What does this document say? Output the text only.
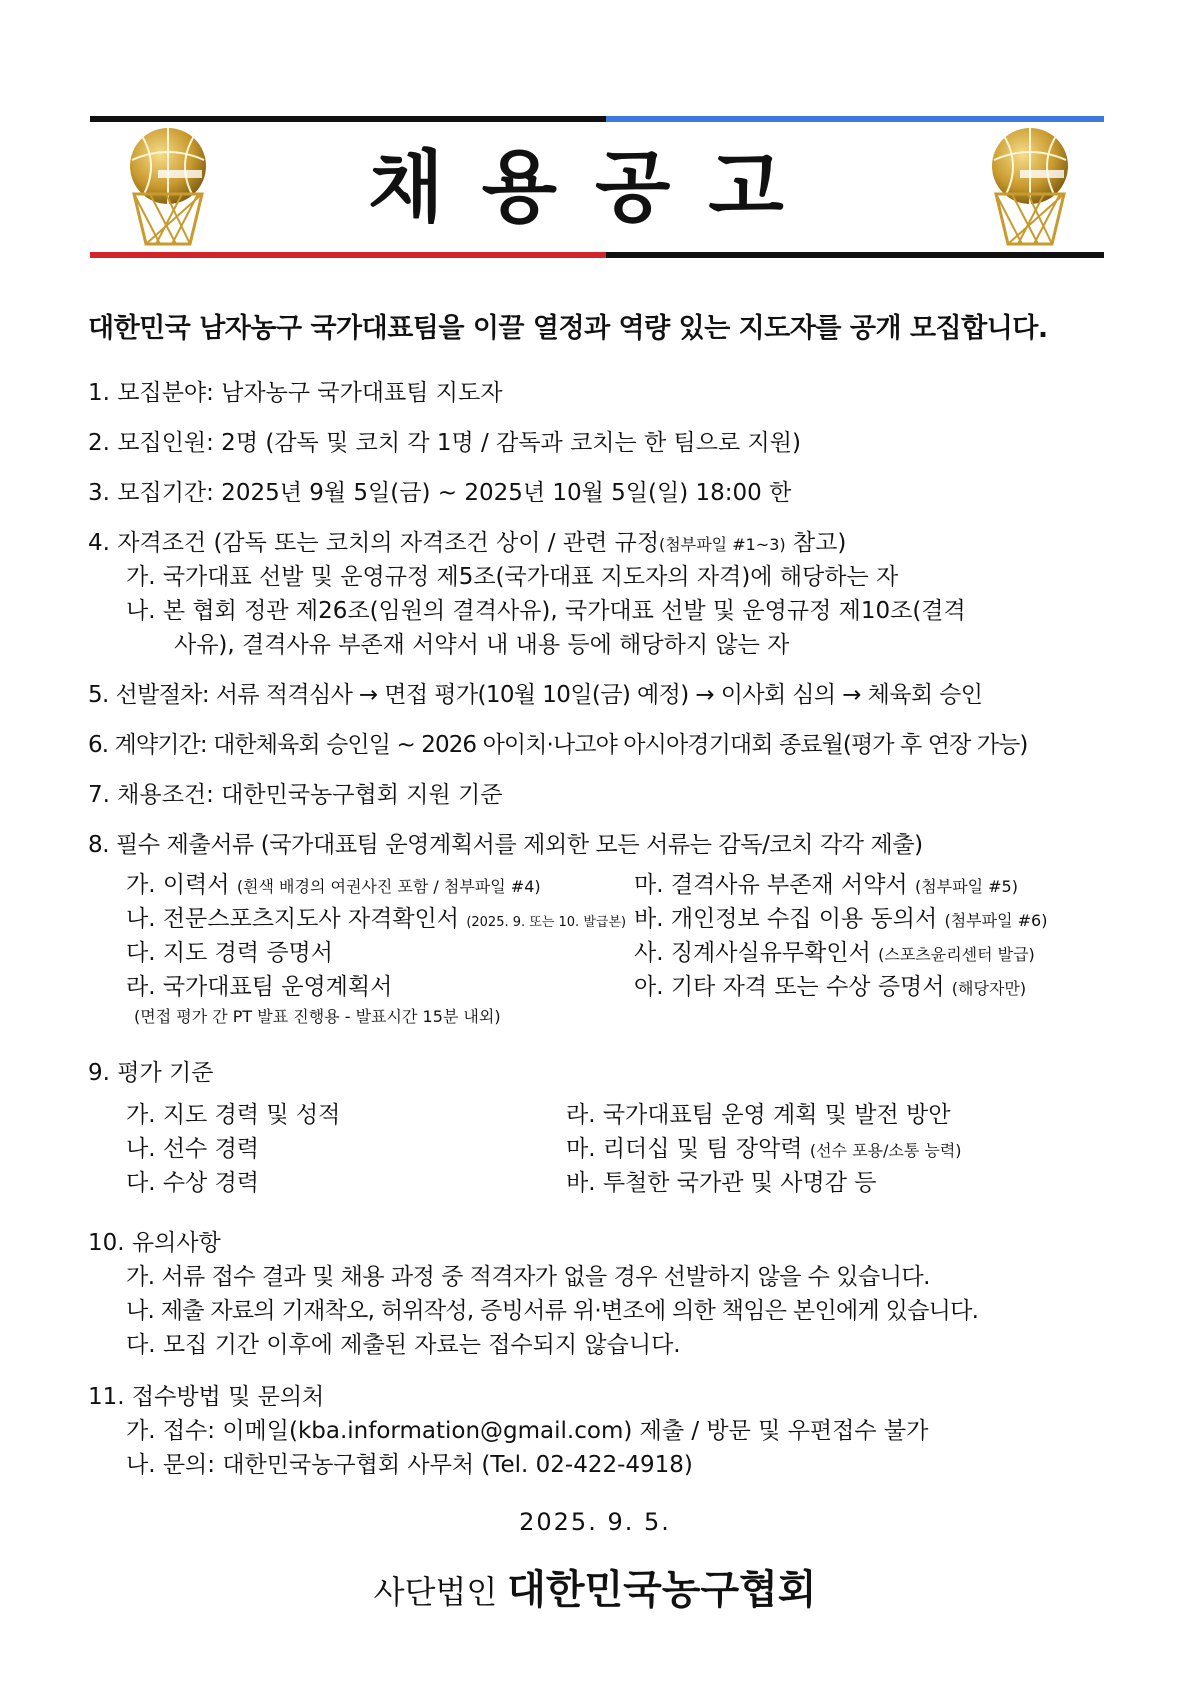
채용공고
대한민국 남자농구 국가대표팀을 이끌 열정과 역량 있는 지도자를 공개 모집합니다.
1. 모집분야: 남자농구 국가대표팀 지도자
2. 모집인원: 2명 (감독 및 코치 각 1명 / 감독과 코치는 한 팀으로 지원)
3. 모집기간: 2025년 9월 5일(금) ~ 2025년 10월 5일(일) 18:00 한
4. 자격조건 (감독 또는 코치의 자격조건 상이 / 관련 규정(첨부파일 #1~3) 참고)
가. 국가대표 선발 및 운영규정 제5조(국가대표 지도자의 자격)에 해당하는 자
나. 본 협회 정관 제26조(임원의 결격사유), 국가대표 선발 및 운영규정 제10조(결격
사유), 결격사유 부존재 서약서 내 내용 등에 해당하지 않는 자
5. 선발절차: 서류 적격심사 → 면접 평가(10월 10일(금) 예정) → 이사회 심의 → 체육회 승인
6. 계약기간: 대한체육회 승인일 ~ 2026 아이치·나고야 아시아경기대회 종료월(평가 후 연장 가능)
7. 채용조건: 대한민국농구협회 지원 기준
8. 필수 제출서류 (국가대표팀 운영계획서를 제외한 모든 서류는 감독/코치 각각 제출)
가. 이력서 (흰색 배경의 여권사진 포함 / 첨부파일 #4)
나. 전문스포츠지도사 자격확인서 (2025. 9. 또는 10. 발급본)
다. 지도 경력 증명서
라. 국가대표팀 운영계획서
(면접 평가 간 PT 발표 진행용 - 발표시간 15분 내외)
마. 결격사유 부존재 서약서 (첨부파일 #5)
바. 개인정보 수집 이용 동의서 (첨부파일 #6)
사. 징계사실유무확인서 (스포츠윤리센터 발급)
아. 기타 자격 또는 수상 증명서 (해당자만)
9. 평가 기준
가. 지도 경력 및 성적
나. 선수 경력
다. 수상 경력
라. 국가대표팀 운영 계획 및 발전 방안
마. 리더십 및 팀 장악력 (선수 포용/소통 능력)
바. 투철한 국가관 및 사명감 등
10. 유의사항
가. 서류 접수 결과 및 채용 과정 중 적격자가 없을 경우 선발하지 않을 수 있습니다.
나. 제출 자료의 기재착오, 허위작성, 증빙서류 위·변조에 의한 책임은 본인에게 있습니다.
다. 모집 기간 이후에 제출된 자료는 접수되지 않습니다.
11. 접수방법 및 문의처
가. 접수: 이메일(kba.information@gmail.com) 제출 / 방문 및 우편접수 불가
나. 문의: 대한민국농구협회 사무처 (Tel. 02-422-4918)
2025. 9. 5.
사단법인 대한민국농구협회
